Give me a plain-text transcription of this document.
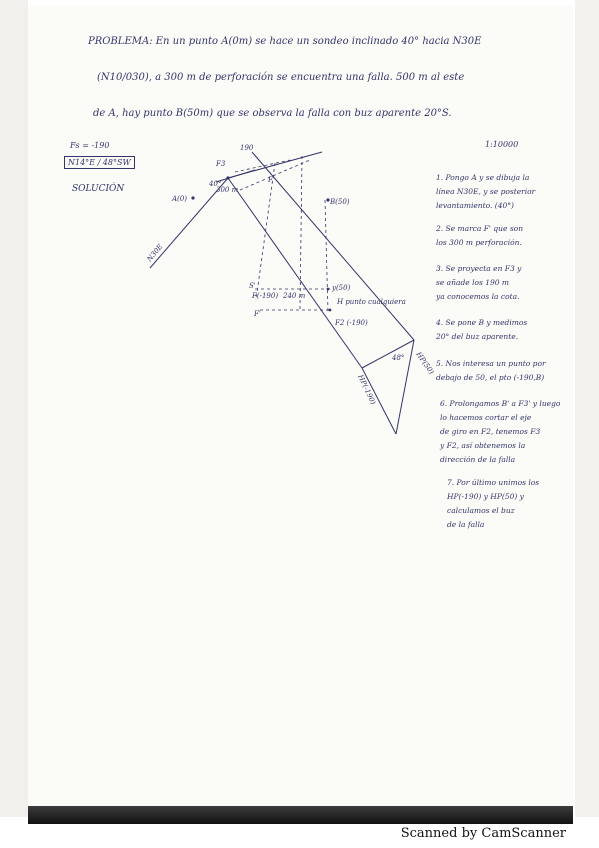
PROBLEMA: En un punto A(0m) se hace un sondeo inclinado 40° hacia N30E
(N10/030), a 300 m de perforación se encuentra una falla. 500 m al este
de A, hay punto B(50m) que se observa la falla con buz aparente 20°S.
1:10000
Fs = -190
N14°E / 48°SW
SOLUCIÓN
A(0)	B(50)
F'
F3
N30E
40°
300 m
190
F2 (-190)
y(50)
H punto cualquiera
240 m
S'
F(-190)
F'
48° HP(50)
HP(-190)
1. Pongo A y se dibuja la
línea N30E, y se posterior
levantamiento. (40°)
2. Se marca F' que son
los 300 m perforación.
3. Se proyecta en F3 y
se añade los 190 m
ya conocemos la cota.
4. Se pone B y medimos
20° del buz aparente.
5. Nos interesa un punto por
debajo de 50, el pto (-190,B)
6. Prolongamos B' a F3' y luego
lo hacemos cortar el eje
de giro en F2, tenemos F3
y F2, así obtenemos la
dirección de la falla
7. Por último unimos los
HP(-190) y HP(50) y
calculamos el buz
de la falla
Scanned by CamScanner
